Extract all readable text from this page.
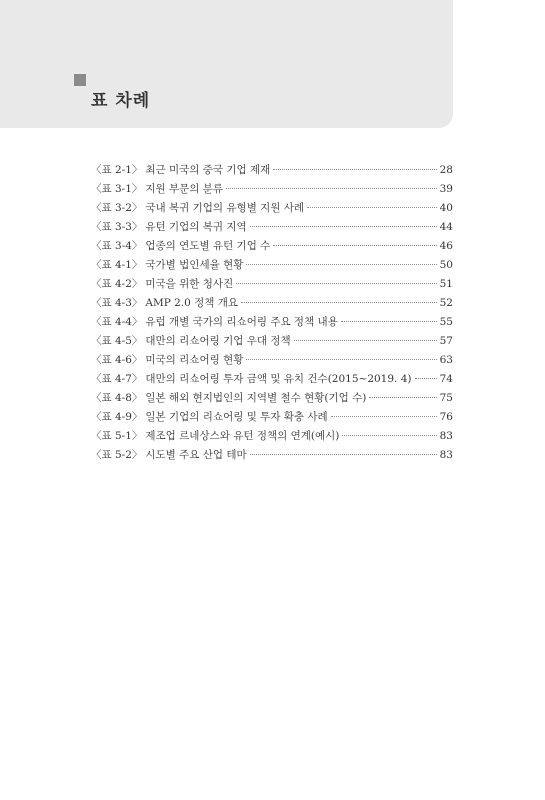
표 차례
〈표 2-1〉 최근 미국의 중국 기업 제재	28
〈표 3-1〉 지원 부문의 분류	39
〈표 3-2〉 국내 복귀 기업의 유형별 지원 사례	40
〈표 3-3〉 유턴 기업의 복귀 지역	44
〈표 3-4〉 업종의 연도별 유턴 기업 수	46
〈표 4-1〉 국가별 법인세율 현황	50
〈표 4-2〉 미국을 위한 청사진	51
〈표 4-3〉 AMP 2.0 정책 개요	52
〈표 4-4〉 유럽 개별 국가의 리쇼어링 주요 정책 내용	55
〈표 4-5〉 대만의 리쇼어링 기업 우대 정책	57
〈표 4-6〉 미국의 리쇼어링 현황	63
〈표 4-7〉 대만의 리쇼어링 투자 금액 및 유치 건수(2015~2019. 4)	74
〈표 4-8〉 일본 해외 현지법인의 지역별 철수 현황(기업 수)	75
〈표 4-9〉 일본 기업의 리쇼어링 및 투자 확충 사례	76
〈표 5-1〉 제조업 르네상스와 유턴 정책의 연계(예시)	83
〈표 5-2〉 시도별 주요 산업 테마	83
